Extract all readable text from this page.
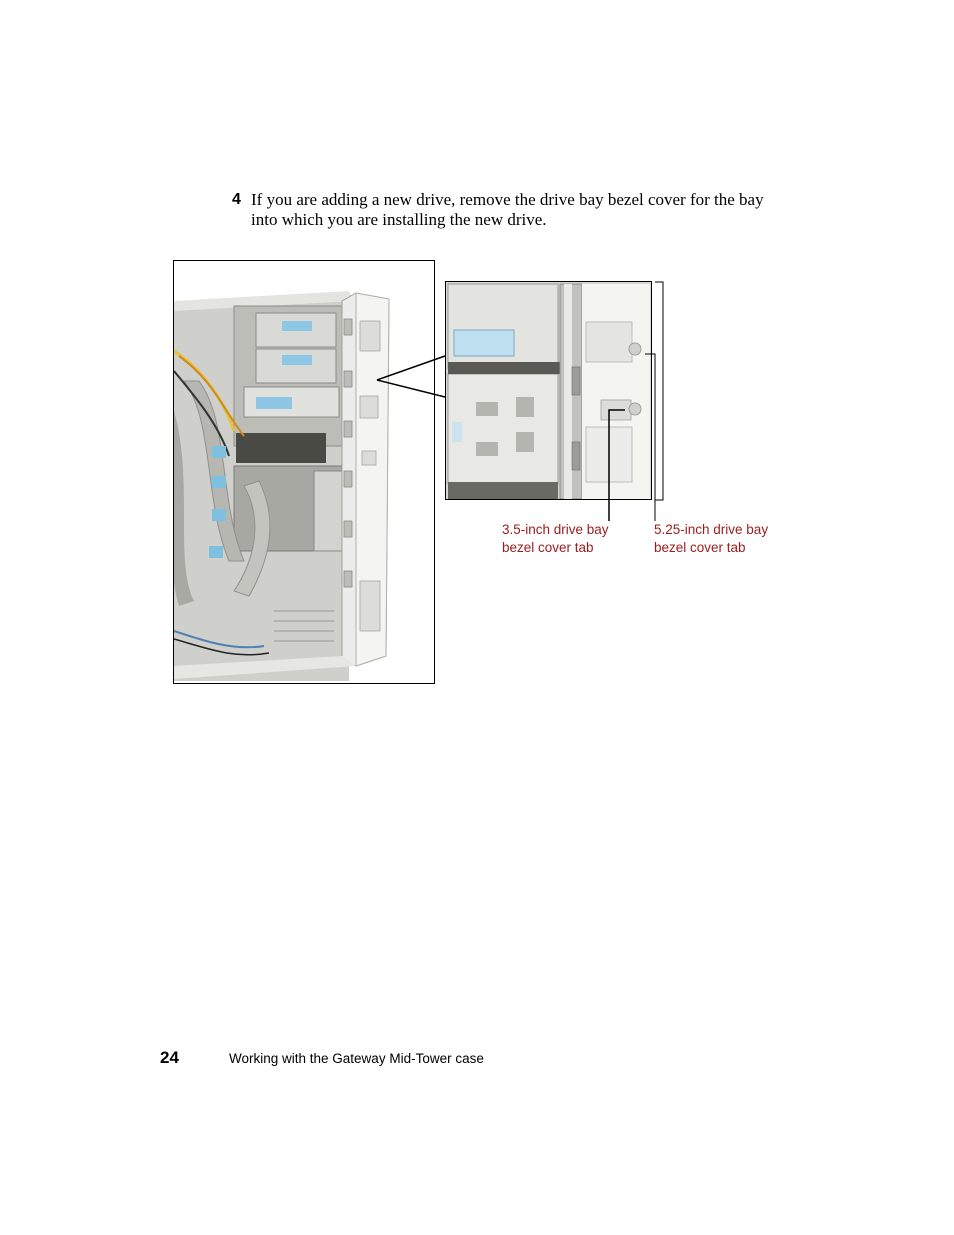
4 If you are adding a new drive, remove the drive bay bezel cover for the bay into which you are installing the new drive.
3.5-inch drive bay
bezel cover tab
5.25-inch drive bay
bezel cover tab
24	Working with the Gateway Mid-Tower case
